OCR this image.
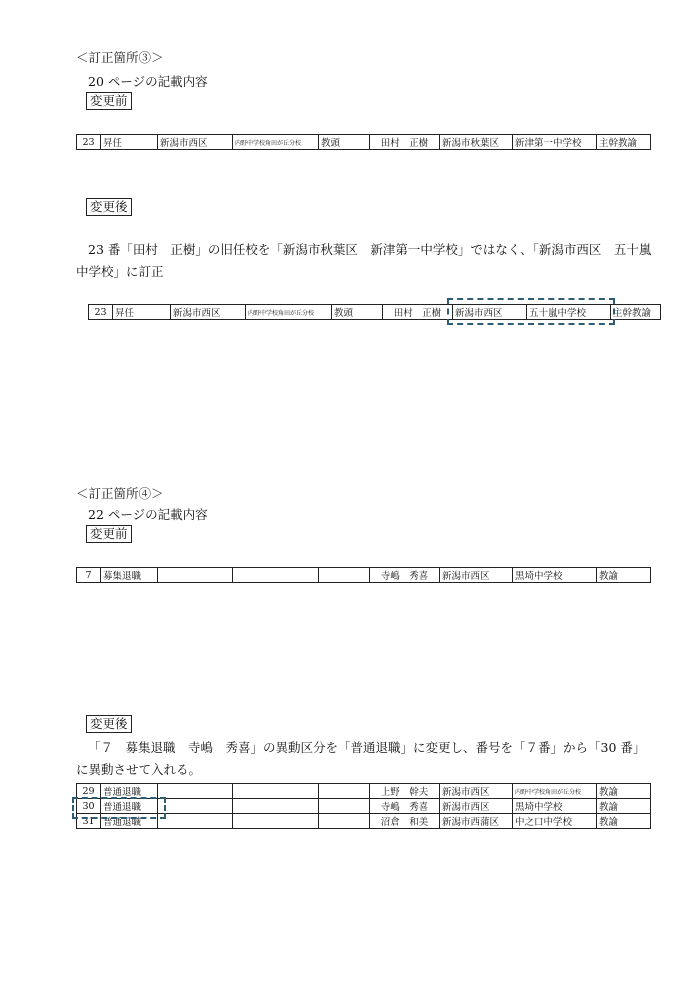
＜訂正箇所③＞
20 ページの記載内容
変更前
23	昇任	新潟市西区	内野中学校角田が丘分校	教頭	田村　正樹	新潟市秋葉区	新津第一中学校	主幹教諭
変更後
23 番「田村　正樹」の旧任校を「新潟市秋葉区　新津第一中学校」ではなく、「新潟市西区　五十嵐
中学校」に訂正
23	昇任	新潟市西区	内野中学校角田が丘分校	教頭	田村　正樹	新潟市西区	五十嵐中学校	主幹教諭
＜訂正箇所④＞
22 ページの記載内容
変更前
7	募集退職				寺嶋　秀喜	新潟市西区	黒埼中学校	教諭
変更後
「７　募集退職　寺嶋　秀喜」の異動区分を「普通退職」に変更し、番号を「７番」から「30 番」
に異動させて入れる。
29	普通退職				上野　幹夫	新潟市西区	内野中学校角田が丘分校	教諭
30	普通退職				寺嶋　秀喜	新潟市西区	黒埼中学校	教諭
31	普通退職				沼倉　和美	新潟市西蒲区	中之口中学校	教諭
